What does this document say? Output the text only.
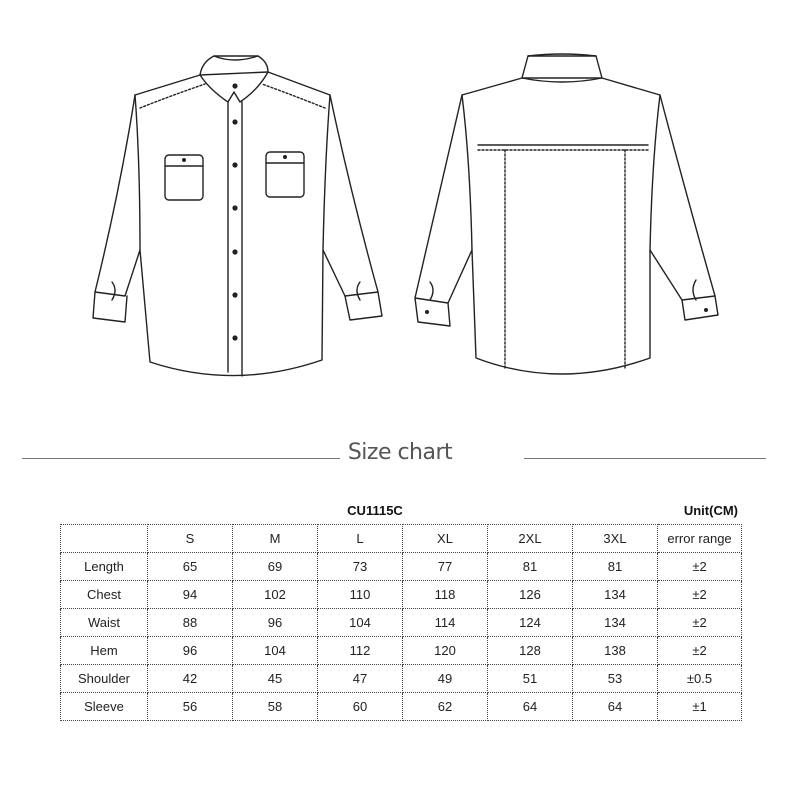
Size chart
CU1115C	Unit(CM)
	S	M	L	XL	2XL	3XL	error range
Length	65	69	73	77	81	81	±2
Chest	94	102	110	118	126	134	±2
Waist	88	96	104	114	124	134	±2
Hem	96	104	112	120	128	138	±2
Shoulder	42	45	47	49	51	53	±0.5
Sleeve	56	58	60	62	64	64	±1
